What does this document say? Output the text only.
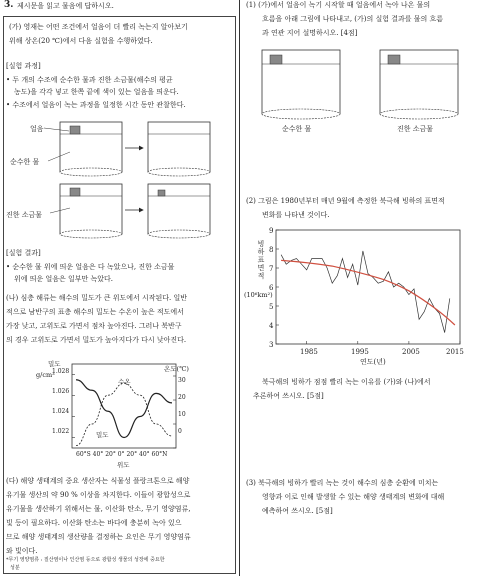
3. 제시문을 읽고 물음에 답하시오.
(가) 영재는 어떤 조건에서 얼음이 더 빨리 녹는지 알아보기
위해 상온(20 ℃)에서 다음 실험을 수행하였다.
[실험 과정]
• 두 개의 수조에 순수한 물과 진한 소금물(해수의 평균
농도)을 각각 넣고 한쪽 끝에 색이 있는 얼음을 띄운다.
• 수조에서 얼음이 녹는 과정을 일정한 시간 동안 관찰한다.
얼음
순수한 물
진한 소금물
[실험 결과]
• 순수한 물 위에 띄운 얼음은 다 녹았으나, 진한 소금물
위에 띄운 얼음은 일부만 녹았다.
(나) 심층 해류는 해수의 밀도가 큰 위도에서 시작된다. 일반
적으로 남반구의 표층 해수의 밀도는 수온이 높은 적도에서
가장 낮고, 고위도로 가면서 점차 높아진다. 그러나 북반구
의 경우 고위도로 가면서 밀도가 높아지다가 다시 낮아진다.
밀도
g/cm³
온도(℃)
1.028
1.026
1.024
1.022
30
20
10
0
수온
밀도
60°S 40° 20° 0° 20° 40° 60°N
위도
(다) 해양 생태계의 중요 생산자는 식물성 플랑크톤으로 해양
유기물 생산의 약 90 % 이상을 차지한다. 이들이 광합성으로
유기물을 생산하기 위해서는 물, 이산화 탄소, 무기 영양염류,
빛 등이 필요하다. 이산화 탄소는 바다에 충분히 녹아 있으
므로 해양 생태계의 생산량을 결정하는 요인은 무기 영양염류
와 빛이다.
*무기 영양염류 : 질산염이나 인산염 등으로 광합성 생물의 성장에 중요한
성분
(1) (가)에서 얼음이 녹기 시작할 때 얼음에서 녹아 나온 물의
흐름을 아래 그림에 나타내고, (가)의 실험 결과를 물의 흐름
과 연관 지어 설명하시오. [4점]
순수한 물	진한 소금물
(2) 그림은 1980년부터 매년 9월에 측정한 북극해 빙하의 표면적
변화를 나타낸 것이다.
빙하표면적
(10⁶km²)
9
8
7
6
5
4
3
1985	1995	2005	2015
연도(년)
북극해의 빙하가 점점 빨리 녹는 이유를 (가)와 (나)에서
추론하여 쓰시오. [5점]
(3) 북극해의 빙하가 빨리 녹는 것이 해수의 심층 순환에 미치는
영향과 이로 인해 발생할 수 있는 해양 생태계의 변화에 대해
예측하여 쓰시오. [5점]
